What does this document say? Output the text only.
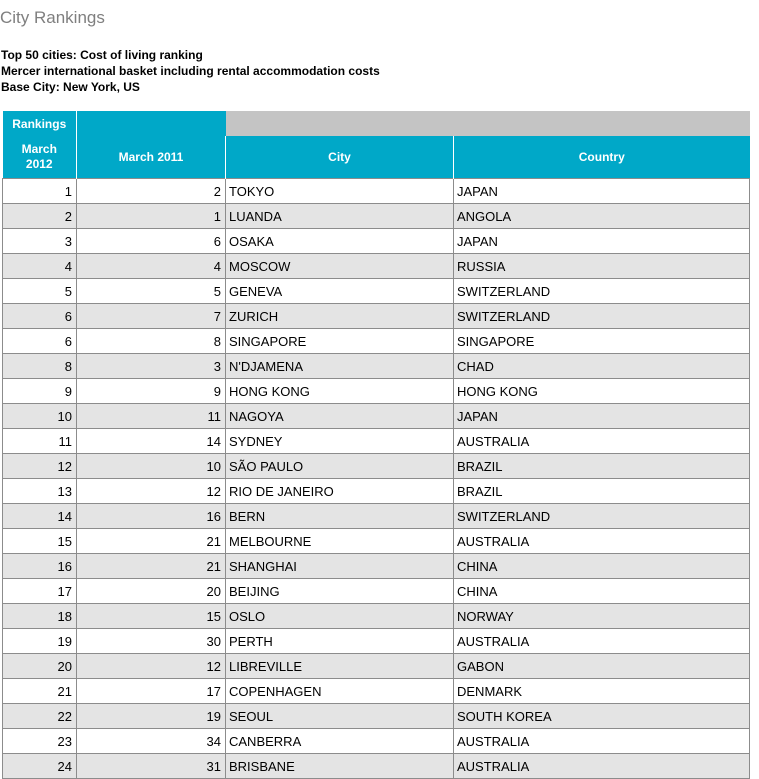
City Rankings
Top 50 cities: Cost of living ranking
Mercer international basket including rental accommodation costs
Base City: New York, US
Rankings			
March
2012	March 2011	City	Country
1	2	TOKYO	JAPAN
2	1	LUANDA	ANGOLA
3	6	OSAKA	JAPAN
4	4	MOSCOW	RUSSIA
5	5	GENEVA	SWITZERLAND
6	7	ZURICH	SWITZERLAND
6	8	SINGAPORE	SINGAPORE
8	3	N'DJAMENA	CHAD
9	9	HONG KONG	HONG KONG
10	11	NAGOYA	JAPAN
11	14	SYDNEY	AUSTRALIA
12	10	SÃO PAULO	BRAZIL
13	12	RIO DE JANEIRO	BRAZIL
14	16	BERN	SWITZERLAND
15	21	MELBOURNE	AUSTRALIA
16	21	SHANGHAI	CHINA
17	20	BEIJING	CHINA
18	15	OSLO	NORWAY
19	30	PERTH	AUSTRALIA
20	12	LIBREVILLE	GABON
21	17	COPENHAGEN	DENMARK
22	19	SEOUL	SOUTH KOREA
23	34	CANBERRA	AUSTRALIA
24	31	BRISBANE	AUSTRALIA
